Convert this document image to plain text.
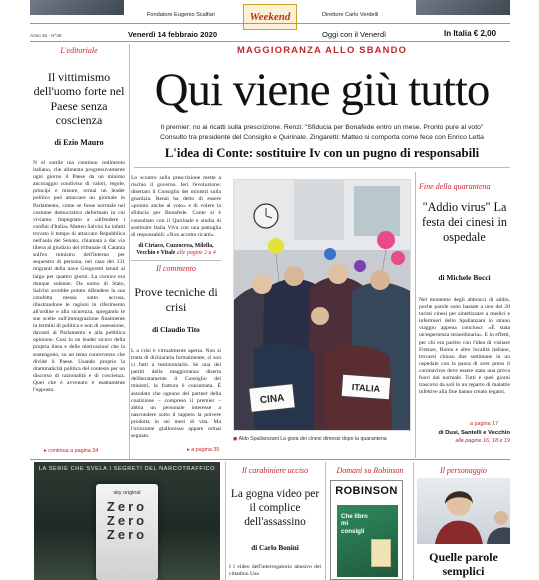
Fondatore Eugenio Scalfari	Weekend	Direttore Carlo Verdelli
Anno 45 - N°38	Venerdì 14 febbraio 2020	Oggi con il Venerdì	In Italia € 2,00
L'editoriale
Il vittimismo dell'uomo forte nel Paese senza coscienza
di Ezio Mauro
N el sottile ma continuo cedimento italiano, che alimenta progressivamente ogni giorno il Paese da un minimo ancoraggio condiviso di valori, regole, principi e misure, ormai un leader politico può attaccare un giornale in Parlamento, come se fosse normale nel costume democratico deformato in cui viviamo. Impegnato a «difendere i confini d'Italia» Matteo Salvini ha infatti trovato il tempo di attaccare Repubblica nell'aula del Senato, chiamata a dar via libera al giudizio del tribunale di Catania sull'ex ministro dell'Interno per sequestro di persona, nel caso dei 131 migranti della nave Gregoretti tenuti al largo per quattro giorni. La cornice era dunque solenne. Da uomo di Stato, Salvini avrebbe potuto difendere la sua condotta messa sotto accusa, illustrandone le ragioni in riferimento all'ordine e alla sicurezza, spiegando le sue scelte sull'immigrazione finalmente in termini di politica e non di ossessione, davanti al Parlamento e alla pubblica opinione. Così lo un leader sicuro della propria linea e delle motivazioni che la sostengono, su un tema controverso che divide il Paese. Usando proprio la drammaticità politica del contesto per un discorso di razionalità e di coscienza. Quei che è avvenuto è esattamente l'opposto.
▸ continua a pagina 34
MAGGIORANZA ALLO SBANDO
Qui viene giù tutto
Il premier: no ai ricatti sulla prescrizione. Renzi: "Sfiducia per Bonafede entro un mese. Pronto pure al voto"
Consulto tra presidente del Consiglio e Quirinale. Zingaretti: Matteo si comporta come fece con Enrico Letta
L'idea di Conte: sostituire Iv con un pugno di responsabili
Lo scontro sulla prescrizione mette a rischio il governo. Ieri l'evoluzione: disertato il Consiglio dei ministri sulla giustizia. Renzi ha detto di essere «pronto anche al voto» e di volere la sfiducia per Bonafede. Conte si è consultato con il Quirinale e studia di sostituire Italia Viva con una pattuglia di responsabili: «Non accetto ricatti».
di Ciriaco, Cuzzocrea, Milella, Vecchio e Vitale alle pagine 2 a 4
Il commento
Prove tecniche di crisi
di Claudio Tito
L a crisi è virtualmente aperta. Non si tratta di dichiararla formalmente, ci son ci fatti a testimoniarlo. Se una dei partiti della maggioranza diserta deliberatamente il Consiglio dei ministri, la frattura è consumata. È assodato che ognuno dei partner della coalizione – compreso il premier – abbia un personale interesse a nascondere sotto il tappeto la polvere prodotta in sei mesi di vita. Ma l'orizzonte giallorosso appare ormai segnato.
▸ a pagina 35
CINA
ITALIA
◼ Aldo Spallarozani La gioia dei cinesi dimessi dopo la quarantena
Fine della quarantena
"Addio virus" La festa dei cinesi in ospedale
di Michele Bocci
Nel momento degli abbracci di addio, poche parole sono bastate a uno dei 20 turisti cinesi per sintetizzare a medici e infermieri dello Spallanzani lo strano viaggio appena concluso: «È stata un'esperienza straordinaria». E in effetti, per chi era partito con l'idea di visitare Firenze, Roma e altre località italiane, trovarsi chiuso due settimane in un ospedale con la paura di aver preso il coronavirus deve essere stata una prova fuori dal normale. Tutti e quei giorni trascorsi da soli in un reparto di malattie infettive alla fine hanno creato legami.
a pagina 17
di Dusi, Santelli e Vecchio
alle pagine 16, 18 e 19
LA SERIE CHE SVELA I SEGRETI DEL NARCOTRAFFICO
sky original
ZeroZeroZero
Il carabiniere ucciso
La gogna video per il complice dell'assassino
di Carlo Bonini
I l video dell'interrogatorio abusivo del cittadino Usa
Domani su Robinson
ROBINSON
Che libro mi consigli
Il personaggio
Quelle parole semplici
